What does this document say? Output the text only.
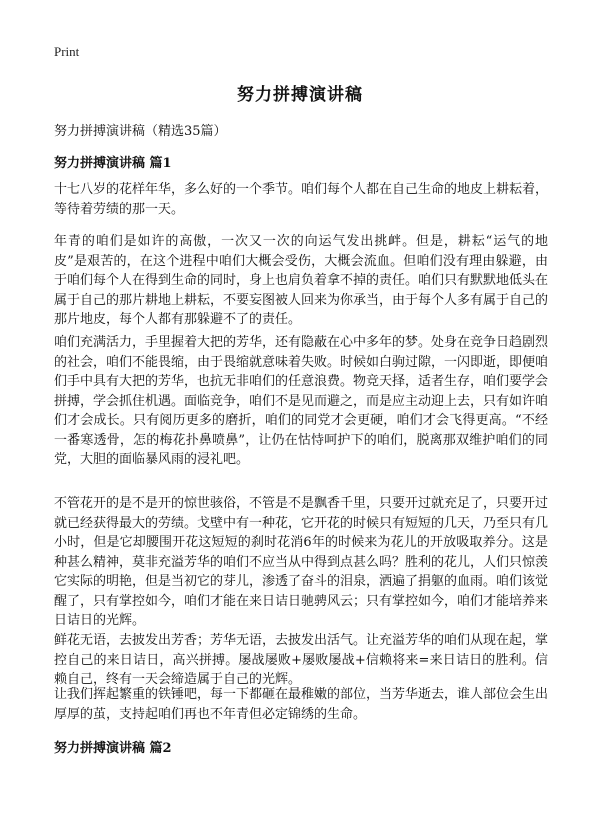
Print
努力拼搏演讲稿

努力拼搏演讲稿（精选35篇）

努力拼搏演讲稿 篇1

十七八岁的花样年华，多么好的一个季节。咱们每个人都在自己生命的地皮上耕耘着，等待着劳绩的那一天。

年青的咱们是如许的高傲，一次又一次的向运气发出挑衅。但是，耕耘“运气的地皮”是艰苦的，在这个进程中咱们大概会受伤，大概会流血。但咱们没有理由躲避，由于咱们每个人在得到生命的同时，身上也肩负着拿不掉的责任。咱们只有默默地低头在属于自己的那片耕地上耕耘，不要妄图被人回来为你承当，由于每个人多有属于自己的那片地皮，每个人都有那躲避不了的责任。

咱们充满活力，手里握着大把的芳华，还有隐蔽在心中多年的梦。处身在竞争日趋剧烈的社会，咱们不能畏缩，由于畏缩就意味着失败。时候如白驹过隙，一闪即逝，即便咱们手中具有大把的芳华，也抗无非咱们的任意浪费。物竞天择，适者生存，咱们要学会拼搏，学会抓住机遇。面临竞争，咱们不是见而避之，而是应主动迎上去，只有如许咱们才会成长。只有阅历更多的磨折，咱们的同党才会更硬，咱们才会飞得更高。“不经一番寒透骨，怎的梅花扑鼻喷鼻”，让仍在怙恃呵护下的咱们，脱离那双维护咱们的同党，大胆的面临暴风雨的浸礼吧。

不管花开的是不是开的惊世骇俗，不管是不是飘香千里，只要开过就充足了，只要开过就已经获得最大的劳绩。戈壁中有一种花，它开花的时候只有短短的几天，乃至只有几小时，但是它却腰围开花这短短的刹时花消6年的时候来为花儿的开放吸取养分。这是种甚么精神，莫非充溢芳华的咱们不应当从中得到点甚么吗？胜利的花儿，人们只惊羡它实际的明艳，但是当初它的芽儿，渗透了奋斗的泪泉，洒遍了捐躯的血雨。咱们该觉醒了，只有掌控如今，咱们才能在来日诘日驰骋风云；只有掌控如今，咱们才能培养来日诘日的光辉。

鲜花无语，去披发出芳香；芳华无语，去披发出活气。让充溢芳华的咱们从现在起，掌控自己的来日诘日，高兴拼搏。屡战屡败+屡败屡战+信赖将来=来日诘日的胜利。信赖自己，终有一天会缔造属于自己的光辉。

让我们挥起繁重的铁锤吧，每一下都砸在最稚嫩的部位，当芳华逝去，谁人部位会生出厚厚的茧，支持起咱们再也不年青但必定锦绣的生命。

努力拼搏演讲稿 篇2
